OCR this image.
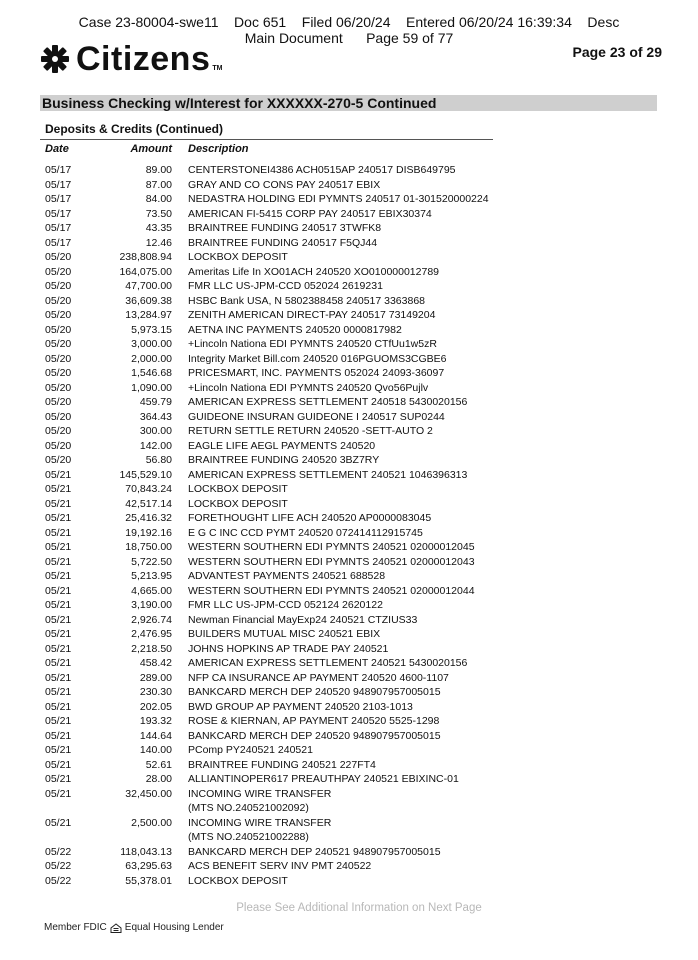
Case 23-80004-swe11    Doc 651    Filed 06/20/24    Entered 06/20/24 16:39:34    Desc
Main Document      Page 59 of 77
Citizens TM
Page 23 of 29
Business Checking w/Interest for XXXXXX-270-5 Continued
Deposits & Credits (Continued)
Date	Amount Description
05/17	89.00 CENTERSTONEI4386 ACH0515AP 240517 DISB649795
05/17	87.00 GRAY AND CO CONS PAY 240517 EBIX
05/17	84.00 NEDASTRA HOLDING EDI PYMNTS 240517 01-301520000224
05/17	73.50 AMERICAN FI-5415 CORP PAY 240517 EBIX30374
05/17	43.35 BRAINTREE FUNDING 240517 3TWFK8
05/17	12.46 BRAINTREE FUNDING 240517 F5QJ44
05/20	238,808.94 LOCKBOX DEPOSIT
05/20	164,075.00 Ameritas Life In XO01ACH 240520 XO010000012789
05/20	47,700.00 FMR LLC US-JPM-CCD 052024 2619231
05/20	36,609.38 HSBC Bank USA, N 5802388458 240517 3363868
05/20	13,284.97 ZENITH AMERICAN DIRECT-PAY 240517 73149204
05/20	5,973.15 AETNA INC PAYMENTS 240520 0000817982
05/20	3,000.00 +Lincoln Nationa EDI PYMNTS 240520 CTfUu1w5zR
05/20	2,000.00 Integrity Market Bill.com 240520 016PGUOMS3CGBE6
05/20	1,546.68 PRICESMART, INC. PAYMENTS 052024 24093-36097
05/20	1,090.00 +Lincoln Nationa EDI PYMNTS 240520 Qvo56Pujlv
05/20	459.79 AMERICAN EXPRESS SETTLEMENT 240518 5430020156
05/20	364.43 GUIDEONE INSURAN GUIDEONE I 240517 SUP0244
05/20	300.00 RETURN SETTLE RETURN 240520 -SETT-AUTO 2
05/20	142.00 EAGLE LIFE AEGL PAYMENTS 240520
05/20	56.80 BRAINTREE FUNDING 240520 3BZ7RY
05/21	145,529.10 AMERICAN EXPRESS SETTLEMENT 240521 1046396313
05/21	70,843.24 LOCKBOX DEPOSIT
05/21	42,517.14 LOCKBOX DEPOSIT
05/21	25,416.32 FORETHOUGHT LIFE ACH 240520 AP0000083045
05/21	19,192.16 E G C INC CCD PYMT 240520 072414112915745
05/21	18,750.00 WESTERN SOUTHERN EDI PYMNTS 240521 02000012045
05/21	5,722.50 WESTERN SOUTHERN EDI PYMNTS 240521 02000012043
05/21	5,213.95 ADVANTEST PAYMENTS 240521 688528
05/21	4,665.00 WESTERN SOUTHERN EDI PYMNTS 240521 02000012044
05/21	3,190.00 FMR LLC US-JPM-CCD 052124 2620122
05/21	2,926.74 Newman Financial MayExp24 240521 CTZIUS33
05/21	2,476.95 BUILDERS MUTUAL MISC 240521 EBIX
05/21	2,218.50 JOHNS HOPKINS AP TRADE PAY 240521
05/21	458.42 AMERICAN EXPRESS SETTLEMENT 240521 5430020156
05/21	289.00 NFP CA INSURANCE AP PAYMENT 240520 4600-1107
05/21	230.30 BANKCARD MERCH DEP 240520 948907957005015
05/21	202.05 BWD GROUP AP PAYMENT 240520 2103-1013
05/21	193.32 ROSE & KIERNAN, AP PAYMENT 240520 5525-1298
05/21	144.64 BANKCARD MERCH DEP 240520 948907957005015
05/21	140.00 PComp PY240521 240521
05/21	52.61 BRAINTREE FUNDING 240521 227FT4
05/21	28.00 ALLIANTINOPER617 PREAUTHPAY 240521 EBIXINC-01
05/21	32,450.00 INCOMING WIRE TRANSFER
(MTS NO.240521002092)
05/21	2,500.00 INCOMING WIRE TRANSFER
(MTS NO.240521002288)
05/22	118,043.13 BANKCARD MERCH DEP 240521 948907957005015
05/22	63,295.63 ACS BENEFIT SERV INV PMT 240522
05/22	55,378.01 LOCKBOX DEPOSIT
Please See Additional Information on Next Page
Member FDIC Equal Housing Lender
